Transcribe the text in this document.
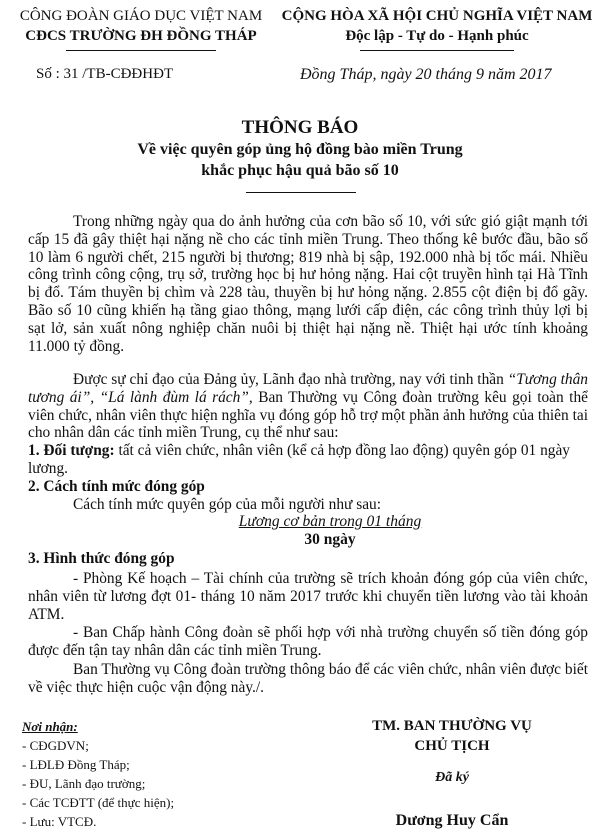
CÔNG ĐOÀN GIÁO DỤC VIỆT NAM
CĐCS TRƯỜNG ĐH ĐỒNG THÁP
CỘNG HÒA XÃ HỘI CHỦ NGHĨA VIỆT NAM
Độc lập - Tự do - Hạnh phúc
Số : 31 /TB-CĐĐHĐT	Đồng Tháp, ngày 20 tháng 9 năm 2017
THÔNG BÁO
Về việc quyên góp ủng hộ đồng bào miền Trung
khắc phục hậu quả bão số 10
Trong những ngày qua do ảnh hưởng của cơn bão số 10, với sức gió giật mạnh tới cấp 15 đã gây thiệt hại nặng nề cho các tỉnh miền Trung. Theo thống kê bước đầu, bão số 10 làm 6 người chết, 215 người bị thương; 819 nhà bị sập, 192.000 nhà bị tốc mái. Nhiều công trình công cộng, trụ sở, trường học bị hư hỏng nặng. Hai cột truyền hình tại Hà Tĩnh bị đổ. Tám thuyền bị chìm và 228 tàu, thuyền bị hư hỏng nặng. 2.855 cột điện bị đổ gãy. Bão số 10 cũng khiến hạ tầng giao thông, mạng lưới cấp điện, các công trình thủy lợi bị sạt lở, sản xuất nông nghiệp chăn nuôi bị thiệt hại nặng nề. Thiệt hại ước tính khoảng 11.000 tỷ đồng.
Được sự chỉ đạo của Đảng ủy, Lãnh đạo nhà trường, nay với tinh thần “Tương thân tương ái”, “Lá lành đùm lá rách”, Ban Thường vụ Công đoàn trường kêu gọi toàn thể viên chức, nhân viên thực hiện nghĩa vụ đóng góp hỗ trợ một phần ảnh hưởng của thiên tai cho nhân dân các tỉnh miền Trung, cụ thể như sau:
1. Đối tượng: tất cả viên chức, nhân viên (kể cả hợp đồng lao động) quyên góp 01 ngày lương.
2. Cách tính mức đóng góp
Cách tính mức quyên góp của mỗi người như sau:
Lương cơ bản trong 01 tháng
30 ngày
3. Hình thức đóng góp
- Phòng Kế hoạch – Tài chính của trường sẽ trích khoản đóng góp của viên chức, nhân viên từ lương đợt 01- tháng 10 năm 2017 trước khi chuyển tiền lương vào tài khoản ATM.
- Ban Chấp hành Công đoàn sẽ phối hợp với nhà trường chuyển số tiền đóng góp được đến tận tay nhân dân các tỉnh miền Trung.
Ban Thường vụ Công đoàn trường thông báo để các viên chức, nhân viên được biết về việc thực hiện cuộc vận động này./.
Nơi nhận:
- CĐGDVN;
- LĐLĐ Đồng Tháp;
- ĐU, Lãnh đạo trường;
- Các TCĐTT (để thực hiện);
- Lưu: VTCĐ.
TM. BAN THƯỜNG VỤ
CHỦ TỊCH
Đã ký
Dương Huy Cẩn
